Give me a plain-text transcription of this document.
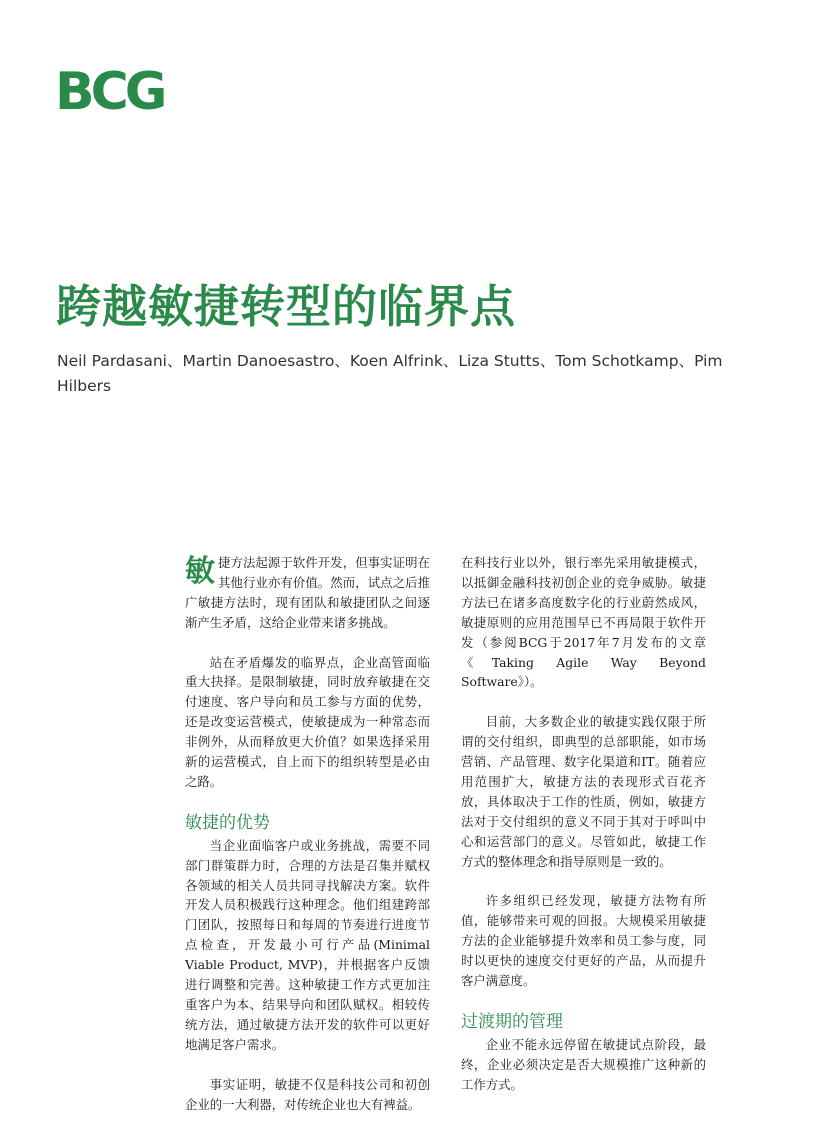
BCG
跨越敏捷转型的临界点

Neil Pardasani、Martin Danoesastro、Koen Alfrink、Liza Stutts、Tom Schotkamp、Pim Hilbers

敏捷方法起源于软件开发，但事实证明在其他行业亦有价值。然而，试点之后推广敏捷方法时，现有团队和敏捷团队之间逐渐产生矛盾，这给企业带来诸多挑战。

站在矛盾爆发的临界点，企业高管面临重大抉择。是限制敏捷，同时放弃敏捷在交付速度、客户导向和员工参与方面的优势，还是改变运营模式，使敏捷成为一种常态而非例外，从而释放更大价值？如果选择采用新的运营模式，自上而下的组织转型是必由之路。

敏捷的优势

当企业面临客户或业务挑战，需要不同部门群策群力时，合理的方法是召集并赋权各领域的相关人员共同寻找解决方案。软件开发人员积极践行这种理念。他们组建跨部门团队，按照每日和每周的节奏进行进度节点检查，开发最小可行产品(Minimal Viable Product, MVP)，并根据客户反馈进行调整和完善。这种敏捷工作方式更加注重客户为本、结果导向和团队赋权。相较传统方法，通过敏捷方法开发的软件可以更好地满足客户需求。

事实证明，敏捷不仅是科技公司和初创企业的一大利器，对传统企业也大有裨益。

在科技行业以外，银行率先采用敏捷模式，以抵御金融科技初创企业的竞争威胁。敏捷方法已在诸多高度数字化的行业蔚然成风，敏捷原则的应用范围早已不再局限于软件开发（参阅BCG于2017年7月发布的文章《Taking Agile Way Beyond Software》）。

目前，大多数企业的敏捷实践仅限于所谓的交付组织，即典型的总部职能，如市场营销、产品管理、数字化渠道和IT。随着应用范围扩大，敏捷方法的表现形式百花齐放，具体取决于工作的性质，例如，敏捷方法对于交付组织的意义不同于其对于呼叫中心和运营部门的意义。尽管如此，敏捷工作方式的整体理念和指导原则是一致的。

许多组织已经发现，敏捷方法物有所值，能够带来可观的回报。大规模采用敏捷方法的企业能够提升效率和员工参与度，同时以更快的速度交付更好的产品，从而提升客户满意度。

过渡期的管理

企业不能永远停留在敏捷试点阶段，最终，企业必须决定是否大规模推广这种新的工作方式。
